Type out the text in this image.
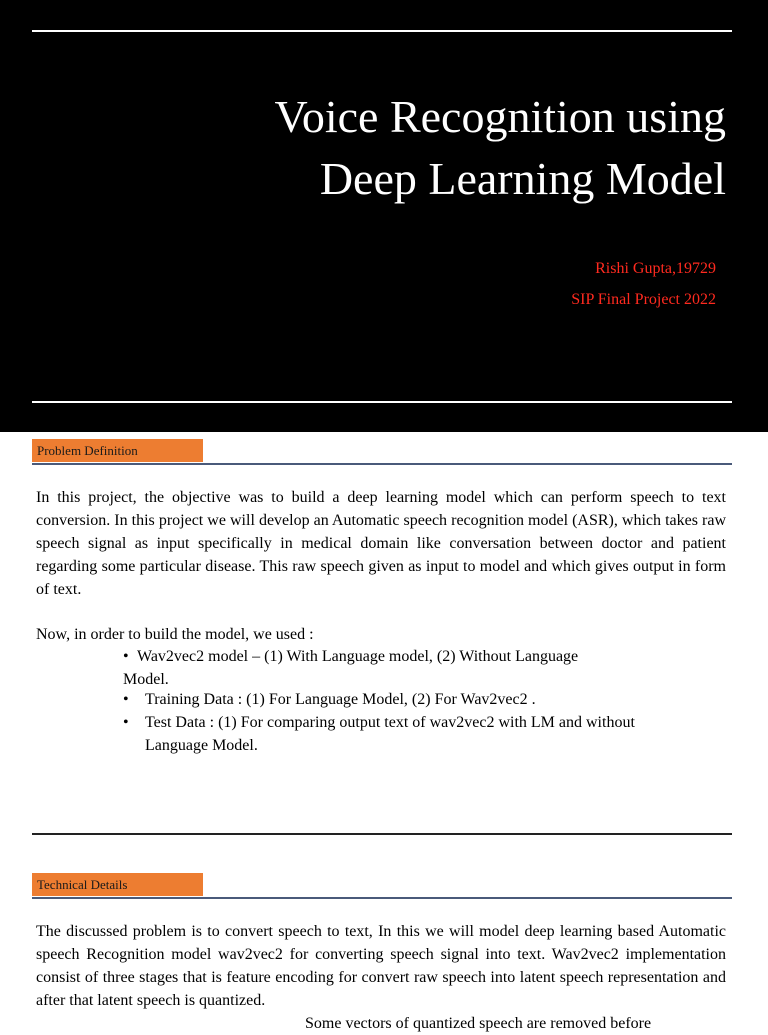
Voice Recognition using
Deep Learning Model
Rishi Gupta,19729
SIP Final Project 2022
Problem Definition
In this project, the objective was to build a deep learning model which can perform speech to text conversion. In this project we will develop an Automatic speech recognition model (ASR), which takes raw speech signal as input specifically in medical domain like conversation between doctor and patient regarding some particular disease. This raw speech given as input to model and which gives output in form of text.
Now, in order to build the model, we used :
• Wav2vec2 model – (1) With Language model, (2) Without Language
Model.
• Training Data : (1) For Language Model, (2) For Wav2vec2 .
• Test Data : (1) For comparing output text of wav2vec2 with LM and without
Language Model.
Technical Details
The discussed problem is to convert speech to text, In this we will model deep learning based Automatic speech Recognition model wav2vec2 for converting speech signal into text. Wav2vec2 implementation consist of three stages that is feature encoding for convert raw speech into latent speech representation and after that latent speech is quantized.
Some vectors of quantized speech are removed before
